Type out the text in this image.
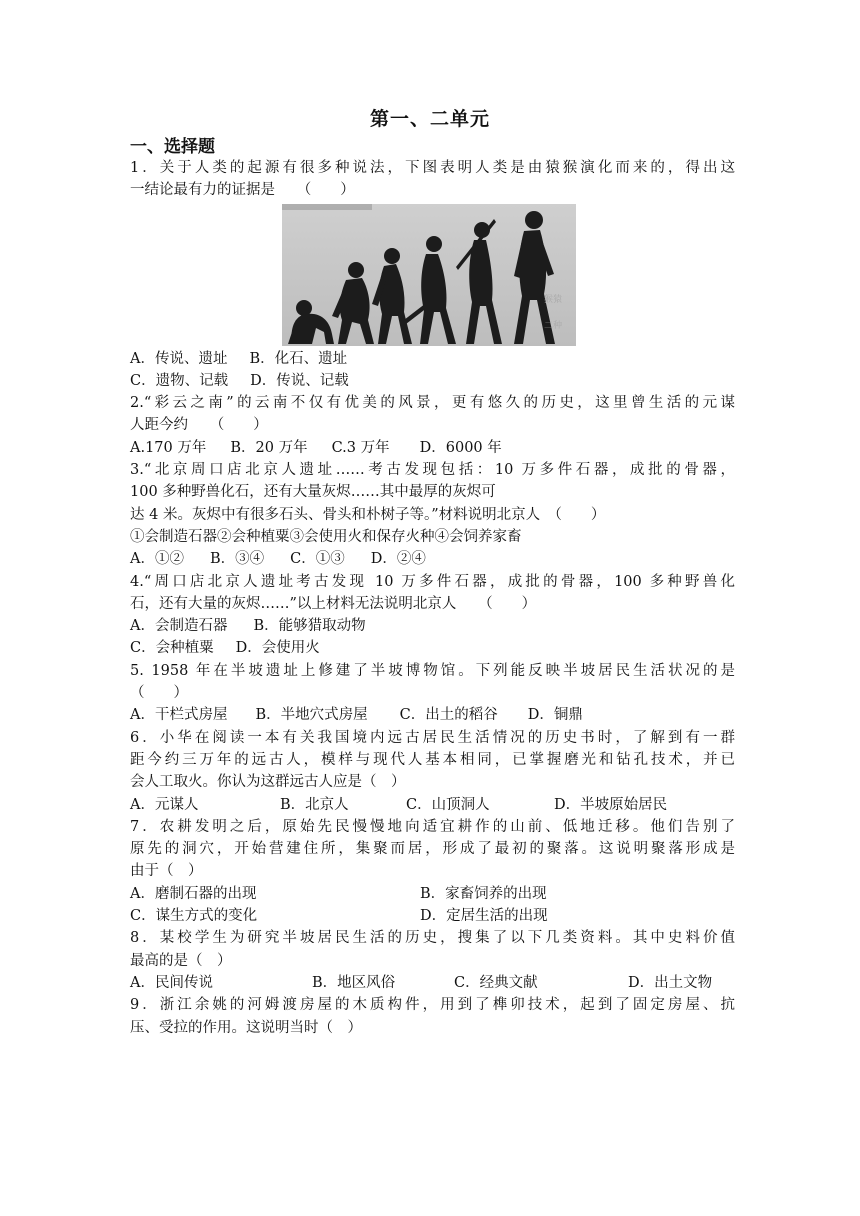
第一、二单元
一、选择题
1．关于人类的起源有很多种说法，下图表明人类是由猿猴演化而来的，得出这
一结论最有力的证据是　　（　　）
猴猿
二种
A．传说、遗址 B．化石、遗址
C．遗物、记载 D．传说、记载
2.“彩云之南”的云南不仅有优美的风景，更有悠久的历史，这里曾生活的元谋
人距今约　　（　　）
A.170 万年 B．20 万年 C.3 万年 D．6000 年
3.“北京周口店北京人遗址……考古发现包括：10 万多件石器，成批的骨器，
100 多种野兽化石，还有大量灰烬……其中最厚的灰烬可
达 4 米。灰烬中有很多石头、骨头和朴树子等。”材料说明北京人　（　　）
①会制造石器②会种植粟③会使用火和保存火种④会饲养家畜
A．①② B．③④ C．①③ D．②④
4.“周口店北京人遗址考古发现 10 万多件石器，成批的骨器，100 多种野兽化
石，还有大量的灰烬……”以上材料无法说明北京人　　（　　）
A．会制造石器 B．能够猎取动物
C．会种植粟 D．会使用火
5. 1958 年在半坡遗址上修建了半坡博物馆。下列能反映半坡居民生活状况的是
（　　）
A．干栏式房屋 B．半地穴式房屋 C．出土的稻谷 D．铜鼎
6．小华在阅读一本有关我国境内远古居民生活情况的历史书时，了解到有一群
距今约三万年的远古人，模样与现代人基本相同，已掌握磨光和钻孔技术，并已
会人工取火。你认为这群远古人应是（　）
A．元谋人	B．北京人	C．山顶洞人	D．半坡原始居民
7．农耕发明之后，原始先民慢慢地向适宜耕作的山前、低地迁移。他们告别了
原先的洞穴，开始营建住所，集聚而居，形成了最初的聚落。这说明聚落形成是
由于（　）
A．磨制石器的出现	B．家畜饲养的出现
C．谋生方式的变化	D．定居生活的出现
8．某校学生为研究半坡居民生活的历史，搜集了以下几类资料。其中史料价值
最高的是（　）
A．民间传说	B．地区风俗	C．经典文献	D．出土文物
9．浙江余姚的河姆渡房屋的木质构件，用到了榫卯技术，起到了固定房屋、抗
压、受拉的作用。这说明当时（　）
